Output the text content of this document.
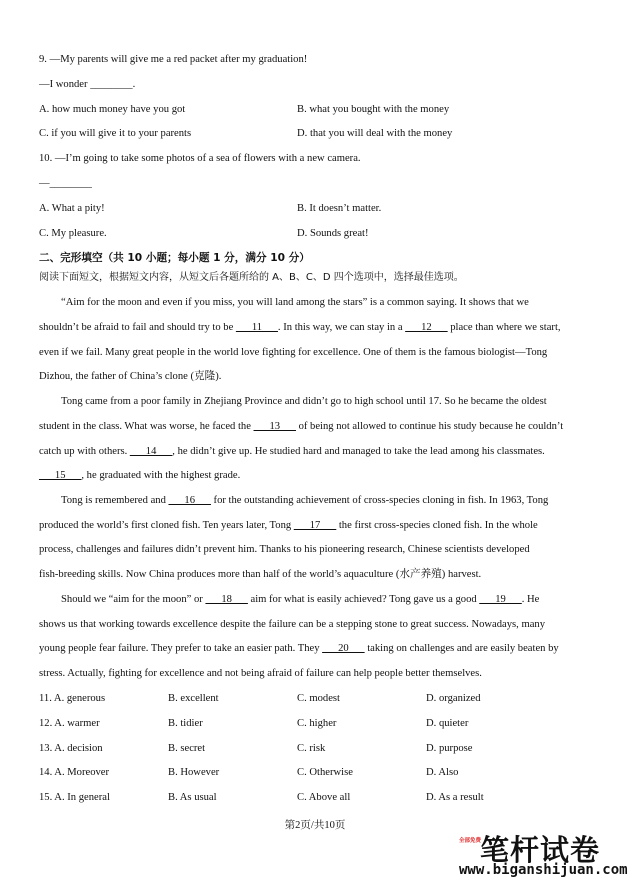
9. —My parents will give me a red packet after my graduation!
—I wonder ________.
A. how much money have you got	B. what you bought with the money
C. if you will give it to your parents	D. that you will deal with the money
10. —I’m going to take some photos of a sea of flowers with a new camera.
—________
A. What a pity!	B. It doesn’t matter.
C. My pleasure.	D. Sounds great!
二、完形填空（共 10 小题；每小题 1 分，满分 10 分）
阅读下面短文，根据短文内容，从短文后各题所给的 A、B、C、D 四个选项中，选择最佳选项。
“Aim for the moon and even if you miss, you will land among the stars” is a common saying. It shows that we
shouldn’t be afraid to fail and should try to be ___11___. In this way, we can stay in a ___12___ place than where we start,
even if we fail. Many great people in the world love fighting for excellence. One of them is the famous biologist—Tong
Dizhou, the father of China’s clone (克隆).
Tong came from a poor family in Zhejiang Province and didn’t go to high school until 17. So he became the oldest
student in the class. What was worse, he faced the ___13___ of being not allowed to continue his study because he couldn’t
catch up with others. ___14___, he didn’t give up. He studied hard and managed to take the lead among his classmates.
___15___, he graduated with the highest grade.
Tong is remembered and ___16___ for the outstanding achievement of cross-species cloning in fish. In 1963, Tong
produced the world’s first cloned fish. Ten years later, Tong ___17___ the first cross-species cloned fish. In the whole
process, challenges and failures didn’t prevent him. Thanks to his pioneering research, Chinese scientists developed
fish-breeding skills. Now China produces more than half of the world’s aquaculture (水产养殖) harvest.
Should we “aim for the moon” or ___18___ aim for what is easily achieved? Tong gave us a good ___19___. He
shows us that working towards excellence despite the failure can be a stepping stone to great success. Nowadays, many
young people fear failure. They prefer to take an easier path. They ___20___ taking on challenges and are easily beaten by
stress. Actually, fighting for excellence and not being afraid of failure can help people better themselves.
11. A. generous	B. excellent	C. modest	D. organized
12. A. warmer	B. tidier	C. higher	D. quieter
13. A. decision	B. secret	C. risk	D. purpose
14. A. Moreover	B. However	C. Otherwise	D. Also
15. A. In general	B. As usual	C. Above all	D. As a result
第2页/共10页
全部免费
笔杆试卷
www.biganshijuan.com
